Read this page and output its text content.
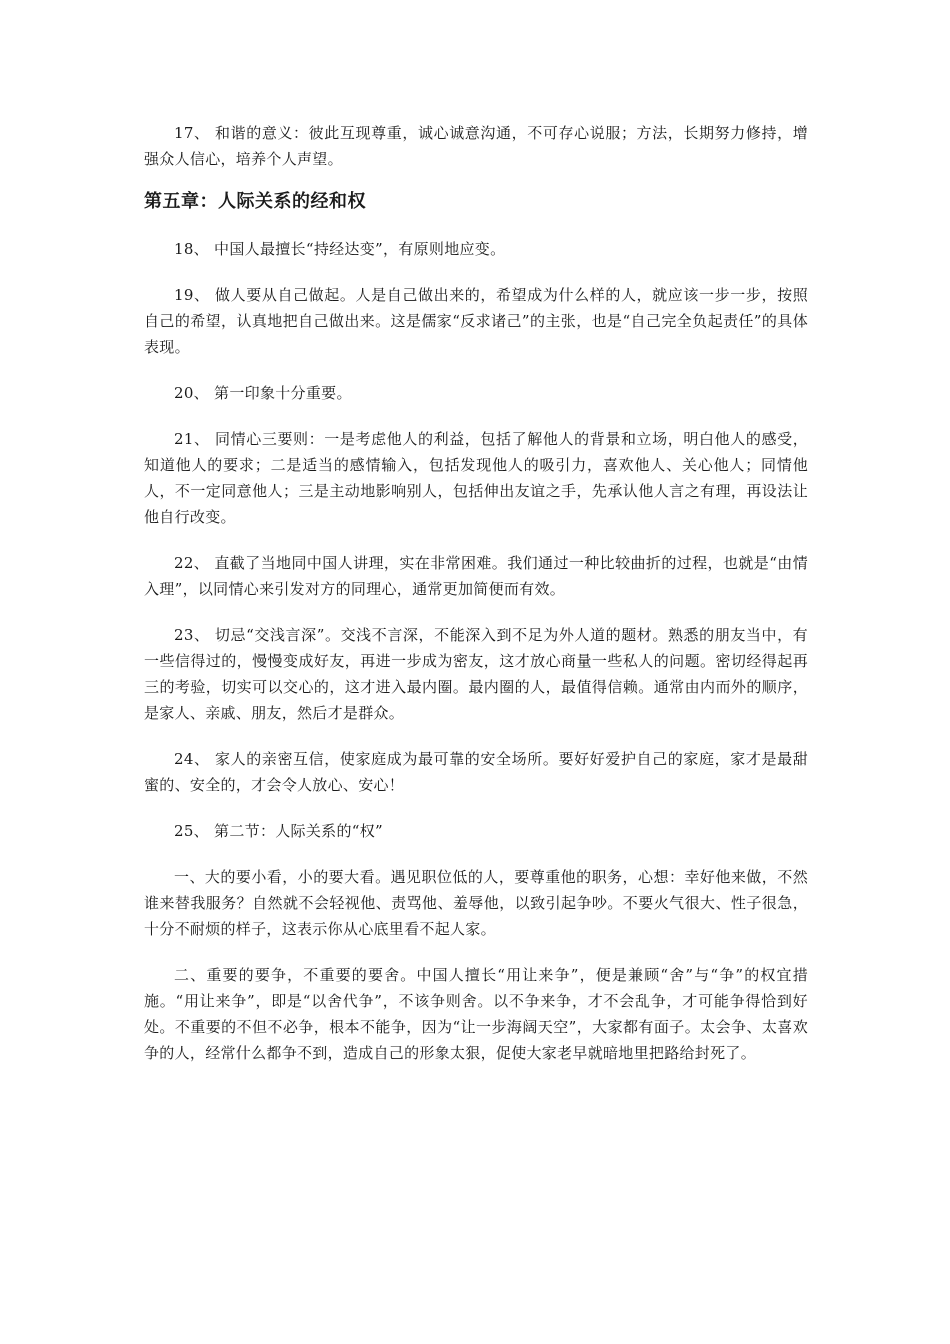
17、 和谐的意义：彼此互现尊重，诚心诚意沟通，不可存心说服；方法，长期努力修持，增强众人信心，培养个人声望。

第五章：人际关系的经和权

18、 中国人最擅长“持经达变”，有原则地应变。

19、 做人要从自己做起。人是自己做出来的，希望成为什么样的人，就应该一步一步，按照自己的希望，认真地把自己做出来。这是儒家“反求诸己”的主张，也是“自己完全负起责任”的具体表现。

20、 第一印象十分重要。

21、 同情心三要则：一是考虑他人的利益，包括了解他人的背景和立场，明白他人的感受，知道他人的要求；二是适当的感情输入，包括发现他人的吸引力，喜欢他人、关心他人；同情他人，不一定同意他人；三是主动地影响别人，包括伸出友谊之手，先承认他人言之有理，再设法让他自行改变。

22、 直截了当地同中国人讲理，实在非常困难。我们通过一种比较曲折的过程，也就是“由情入理”，以同情心来引发对方的同理心，通常更加简便而有效。

23、 切忌“交浅言深”。交浅不言深，不能深入到不足为外人道的题材。熟悉的朋友当中，有一些信得过的，慢慢变成好友，再进一步成为密友，这才放心商量一些私人的问题。密切经得起再三的考验，切实可以交心的，这才进入最内圈。最内圈的人，最值得信赖。通常由内而外的顺序，是家人、亲戚、朋友，然后才是群众。

24、 家人的亲密互信，使家庭成为最可靠的安全场所。要好好爱护自己的家庭，家才是最甜蜜的、安全的，才会令人放心、安心！

25、 第二节：人际关系的“权”

一、大的要小看，小的要大看。遇见职位低的人，要尊重他的职务，心想：幸好他来做，不然谁来替我服务？自然就不会轻视他、责骂他、羞辱他，以致引起争吵。不要火气很大、性子很急，十分不耐烦的样子，这表示你从心底里看不起人家。

二、重要的要争，不重要的要舍。中国人擅长“用让来争”，便是兼顾“舍”与“争”的权宜措施。“用让来争”，即是“以舍代争”，不该争则舍。以不争来争，才不会乱争，才可能争得恰到好处。不重要的不但不必争，根本不能争，因为“让一步海阔天空”，大家都有面子。太会争、太喜欢争的人，经常什么都争不到，造成自己的形象太狠，促使大家老早就暗地里把路给封死了。
